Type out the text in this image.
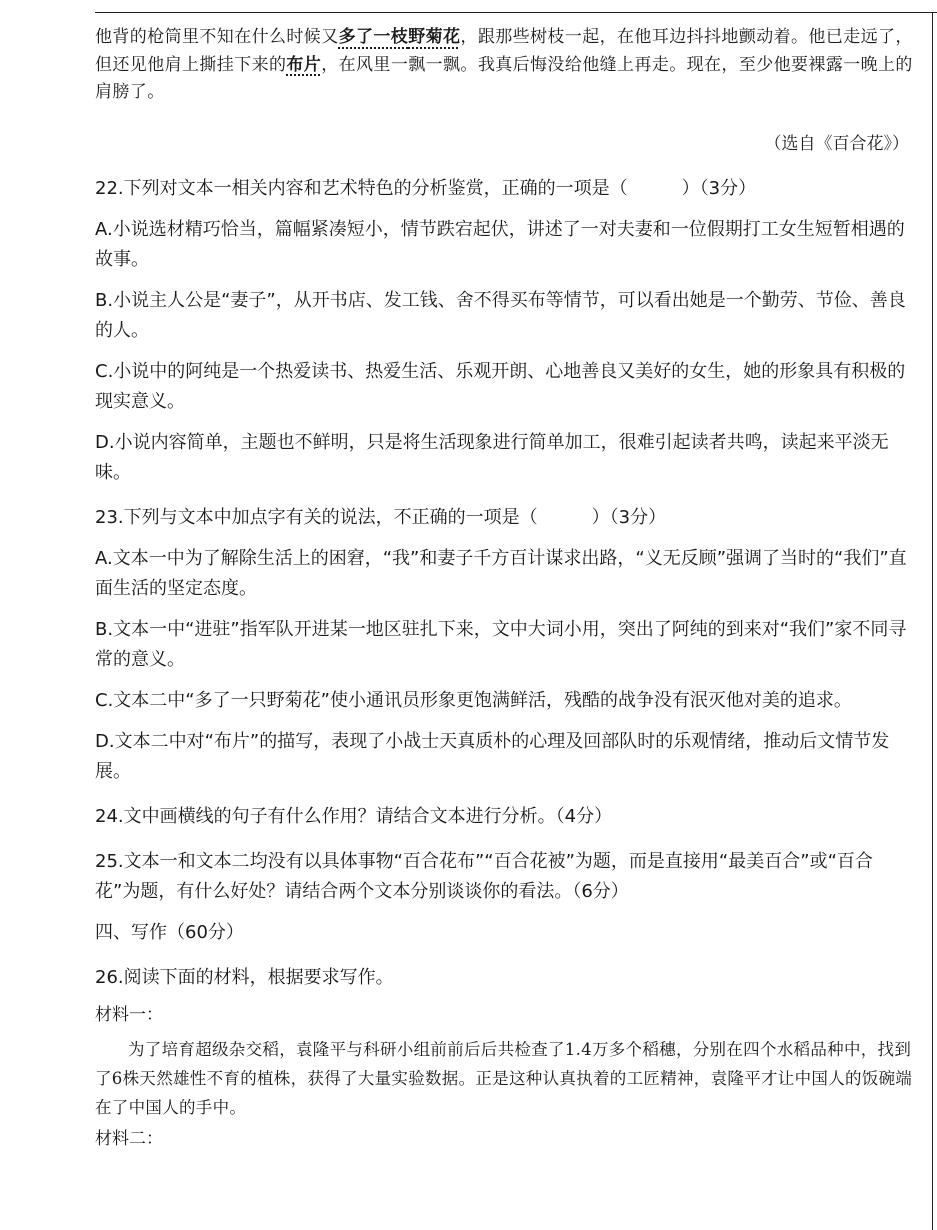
他背的枪筒里不知在什么时候又多了一枝野菊花，跟那些树枝一起，在他耳边抖抖地颤动着。他已走远了，但还见他肩上撕挂下来的布片，在风里一飘一飘。我真后悔没给他缝上再走。现在，至少他要裸露一晚上的肩膀了。

（选自《百合花》）

22.下列对文本一相关内容和艺术特色的分析鉴赏，正确的一项是（　　　）（3分）

A.小说选材精巧恰当，篇幅紧凑短小，情节跌宕起伏，讲述了一对夫妻和一位假期打工女生短暂相遇的故事。

B.小说主人公是“妻子”，从开书店、发工钱、舍不得买布等情节，可以看出她是一个勤劳、节俭、善良的人。

C.小说中的阿纯是一个热爱读书、热爱生活、乐观开朗、心地善良又美好的女生，她的形象具有积极的现实意义。

D.小说内容简单，主题也不鲜明，只是将生活现象进行简单加工，很难引起读者共鸣，读起来平淡无味。

23.下列与文本中加点字有关的说法，不正确的一项是（　　　）（3分）

A.文本一中为了解除生活上的困窘，“我”和妻子千方百计谋求出路，“义无反顾”强调了当时的“我们”直面生活的坚定态度。

B.文本一中“进驻”指军队开进某一地区驻扎下来，文中大词小用，突出了阿纯的到来对“我们”家不同寻常的意义。

C.文本二中“多了一只野菊花”使小通讯员形象更饱满鲜活，残酷的战争没有泯灭他对美的追求。

D.文本二中对“布片”的描写，表现了小战士天真质朴的心理及回部队时的乐观情绪，推动后文情节发展。

24.文中画横线的句子有什么作用？请结合文本进行分析。（4分）

25.文本一和文本二均没有以具体事物“百合花布”“百合花被”为题，而是直接用“最美百合”或“百合花”为题，有什么好处？请结合两个文本分别谈谈你的看法。（6分）

四、写作（60分）

26.阅读下面的材料，根据要求写作。

材料一：

为了培育超级杂交稻，袁隆平与科研小组前前后后共检查了1.4万多个稻穗，分别在四个水稻品种中，找到了6株天然雄性不育的植株，获得了大量实验数据。正是这种认真执着的工匠精神，袁隆平才让中国人的饭碗端在了中国人的手中。

材料二：
